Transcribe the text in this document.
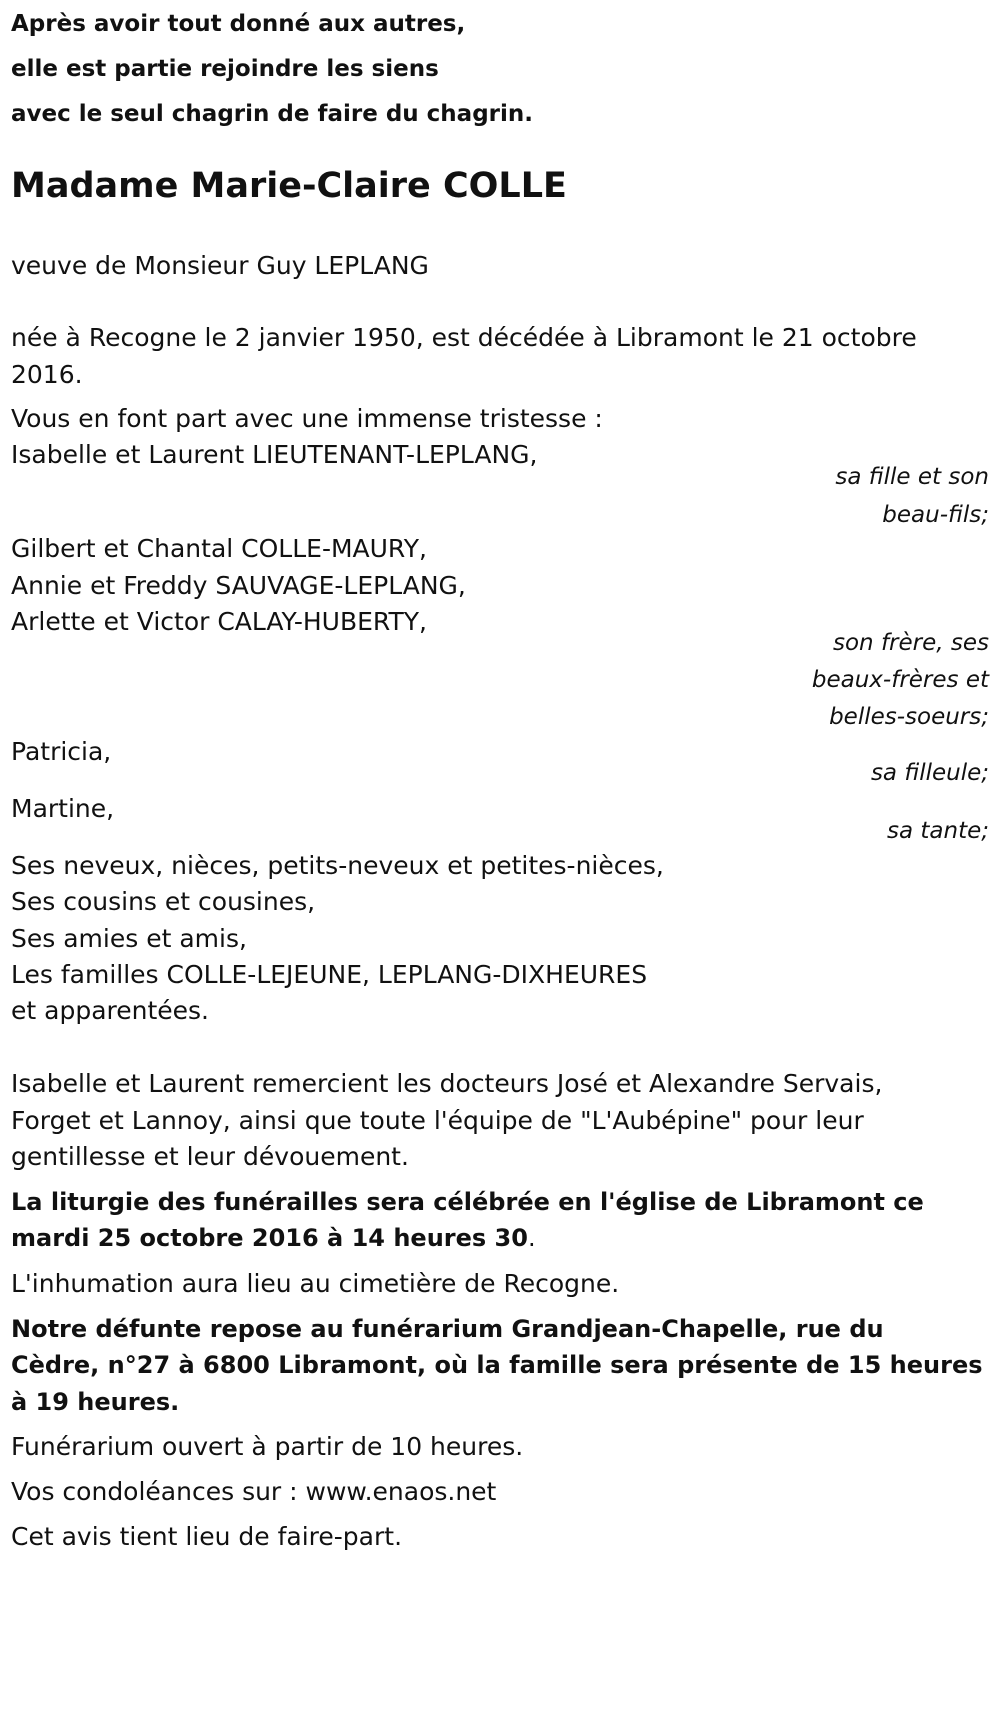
Après avoir tout donné aux autres,
elle est partie rejoindre les siens
avec le seul chagrin de faire du chagrin.
Madame Marie-Claire COLLE
veuve de Monsieur Guy LEPLANG
née à Recogne le 2 janvier 1950, est décédée à Libramont le 21 octobre
2016.
Vous en font part avec une immense tristesse :
Isabelle et Laurent LIEUTENANT-LEPLANG,
sa fille et son
beau-fils;
Gilbert et Chantal COLLE-MAURY,
Annie et Freddy SAUVAGE-LEPLANG,
Arlette et Victor CALAY-HUBERTY,
son frère, ses
beaux-frères et
belles-soeurs;
Patricia,
sa filleule;
Martine,
sa tante;
Ses neveux, nièces, petits-neveux et petites-nièces,
Ses cousins et cousines,
Ses amies et amis,
Les familles COLLE-LEJEUNE, LEPLANG-DIXHEURES
et apparentées.
Isabelle et Laurent remercient les docteurs José et Alexandre Servais,
Forget et Lannoy, ainsi que toute l'équipe de "L'Aubépine" pour leur
gentillesse et leur dévouement.
La liturgie des funérailles sera célébrée en l'église de Libramont ce
mardi 25 octobre 2016 à 14 heures 30.
L'inhumation aura lieu au cimetière de Recogne.
Notre défunte repose au funérarium Grandjean-Chapelle, rue du
Cèdre, n°27 à 6800 Libramont, où la famille sera présente de 15 heures
à 19 heures.
Funérarium ouvert à partir de 10 heures.
Vos condoléances sur : www.enaos.net
Cet avis tient lieu de faire-part.
